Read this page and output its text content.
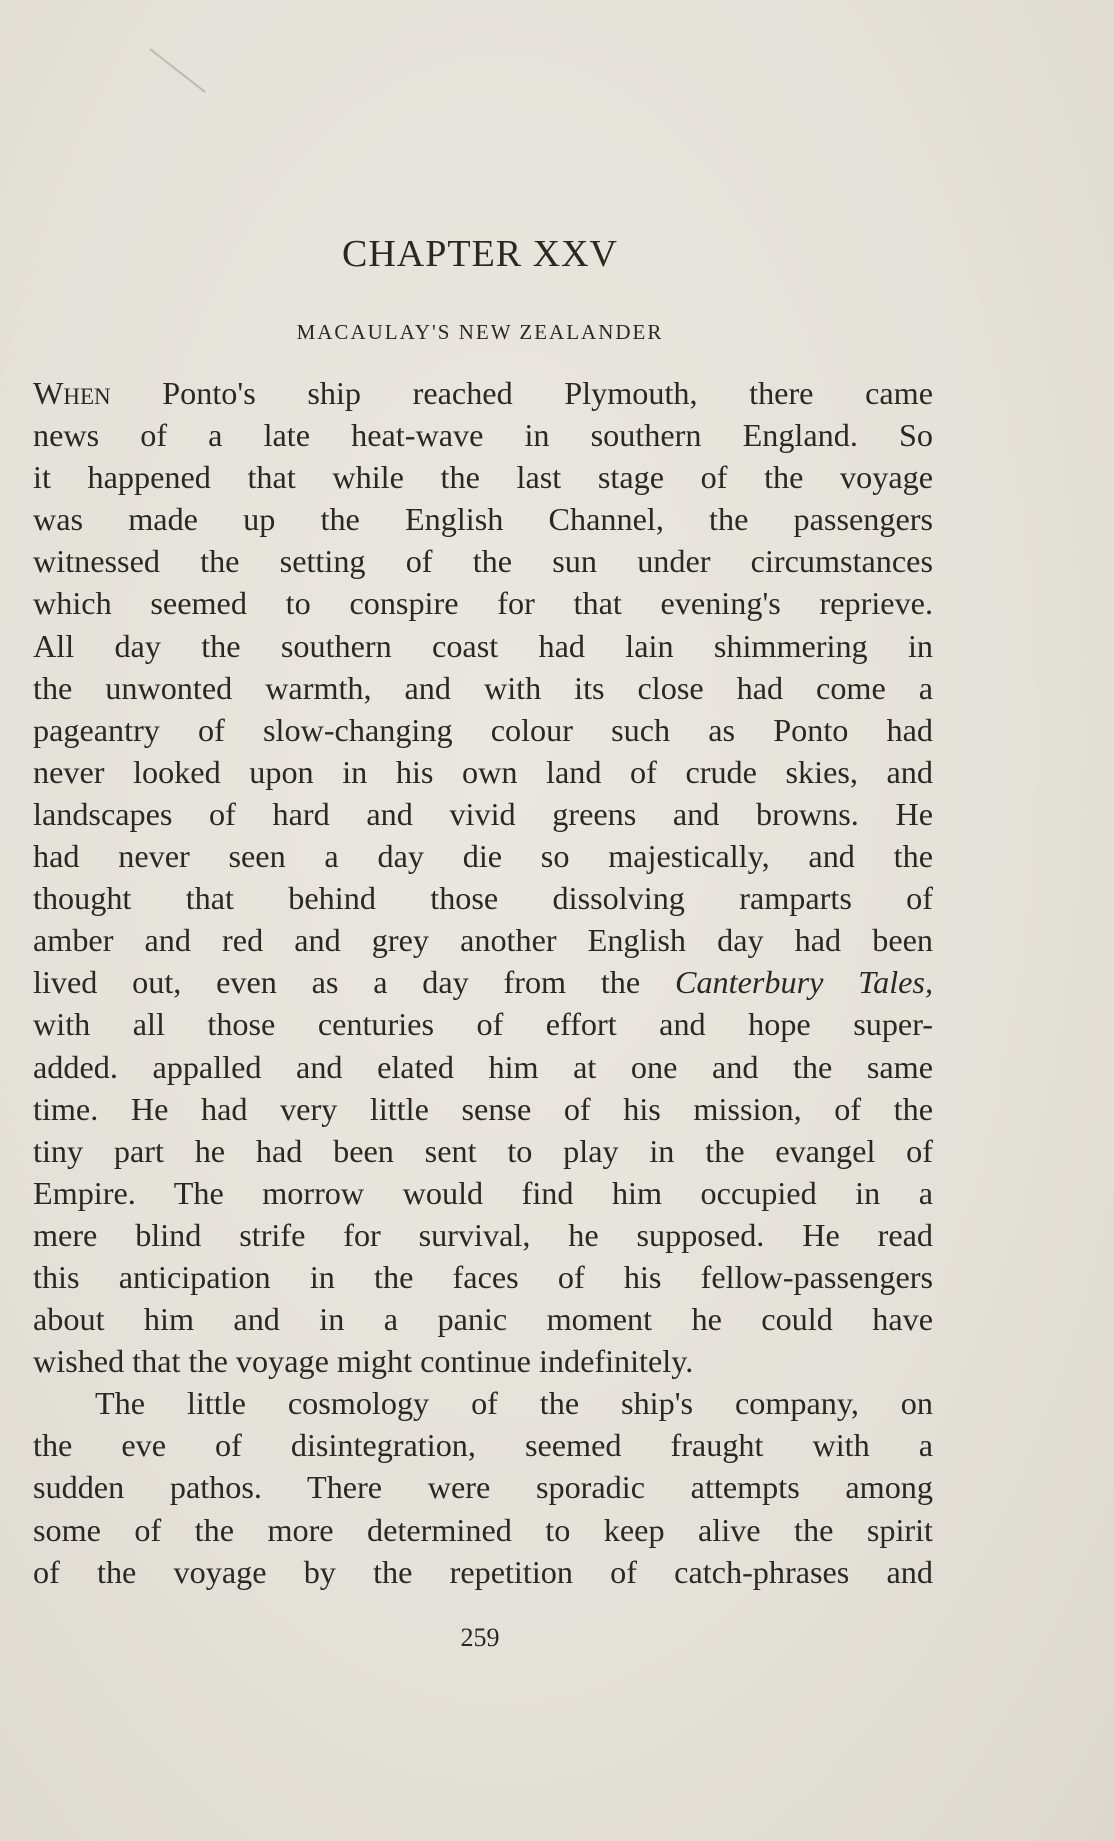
CHAPTER XXV
MACAULAY'S NEW ZEALANDER
When Ponto's ship reached Plymouth, there came
news of a late heat-wave in southern England. So
it happened that while the last stage of the voyage
was made up the English Channel, the passengers
witnessed the setting of the sun under circumstances
which seemed to conspire for that evening's reprieve.
All day the southern coast had lain shimmering in
the unwonted warmth, and with its close had come a
pageantry of slow-changing colour such as Ponto had
never looked upon in his own land of crude skies, and
landscapes of hard and vivid greens and browns. He
had never seen a day die so majestically, and the
thought that behind those dissolving ramparts of
amber and red and grey another English day had been
lived out, even as a day from the Canterbury Tales,
with all those centuries of effort and hope super-
added. appalled and elated him at one and the same
time. He had very little sense of his mission, of the
tiny part he had been sent to play in the evangel of
Empire. The morrow would find him occupied in a
mere blind strife for survival, he supposed. He read
this anticipation in the faces of his fellow-passengers
about him and in a panic moment he could have
wished that the voyage might continue indefinitely.
The little cosmology of the ship's company, on
the eve of disintegration, seemed fraught with a
sudden pathos. There were sporadic attempts among
some of the more determined to keep alive the spirit
of the voyage by the repetition of catch-phrases and
259
